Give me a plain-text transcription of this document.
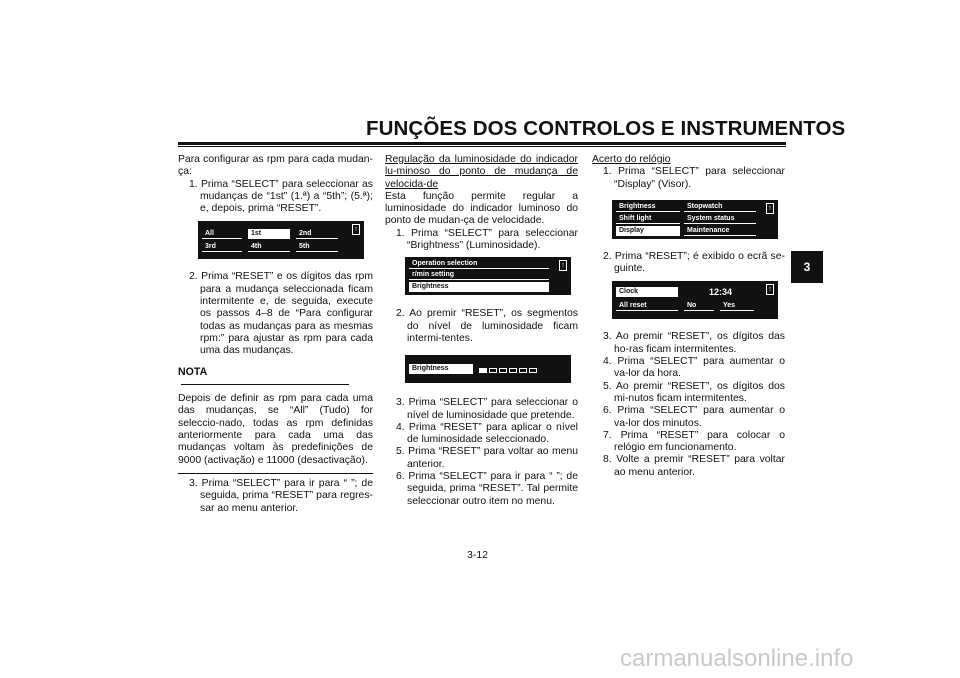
FUNÇÕES DOS CONTROLOS E INSTRUMENTOS
3

Para configurar as rpm para cada mudan-ça:

1. Prima “SELECT” para seleccionar as mudanças de “1st” (1.ª) a “5th”; (5.ª); e, depois, prima “RESET”.

All	1st	2nd
3rd	4th	5th
↑

2. Prima “RESET” e os dígitos das rpm para a mudança seleccionada ficam intermitente e, de seguida, execute os passos 4–8 de “Para configurar todas as mudanças para as mesmas rpm:” para ajustar as rpm para cada uma das mudanças.

NOTA

Depois de definir as rpm para cada uma das mudanças, se “All” (Tudo) for seleccio-nado, todas as rpm definidas anteriormente para cada uma das mudanças voltam às predefinições de 9000 (activação) e 11000 (desactivação).

3. Prima “SELECT” para ir para “ ”; de seguida, prima “RESET” para regres-sar ao menu anterior.

Regulação da luminosidade do indicador lu-minoso do ponto de mudança de velocida-de

Esta função permite regular a luminosidade do indicador luminoso do ponto de mudan-ça de velocidade.

1. Prima “SELECT” para seleccionar “Brightness” (Luminosidade).

Operation selection
r/min setting
Brightness
↑

2. Ao premir “RESET”, os segmentos do nível de luminosidade ficam intermi-tentes.

Brightness

3. Prima “SELECT” para seleccionar o nível de luminosidade que pretende.

4. Prima “RESET” para aplicar o nível de luminosidade seleccionado.

5. Prima “RESET” para voltar ao menu anterior.

6. Prima “SELECT” para ir para “ ”; de seguida, prima “RESET”. Tal permite seleccionar outro item no menu.

Acerto do relógio

1. Prima “SELECT” para seleccionar “Display” (Visor).

Brightness	Stopwatch
Shift light	System status
Display	Maintenance
↑

2. Prima “RESET”; é exibido o ecrã se-guinte.

Clock	12:34
All reset	No	Yes
↑

3. Ao premir “RESET”, os dígitos das ho-ras ficam intermitentes.

4. Prima “SELECT” para aumentar o va-lor da hora.

5. Ao premir “RESET”, os dígitos dos mi-nutos ficam intermitentes.

6. Prima “SELECT” para aumentar o va-lor dos minutos.

7. Prima “RESET” para colocar o relógio em funcionamento.

8. Volte a premir “RESET” para voltar ao menu anterior.

3-12
carmanualsonline.info
